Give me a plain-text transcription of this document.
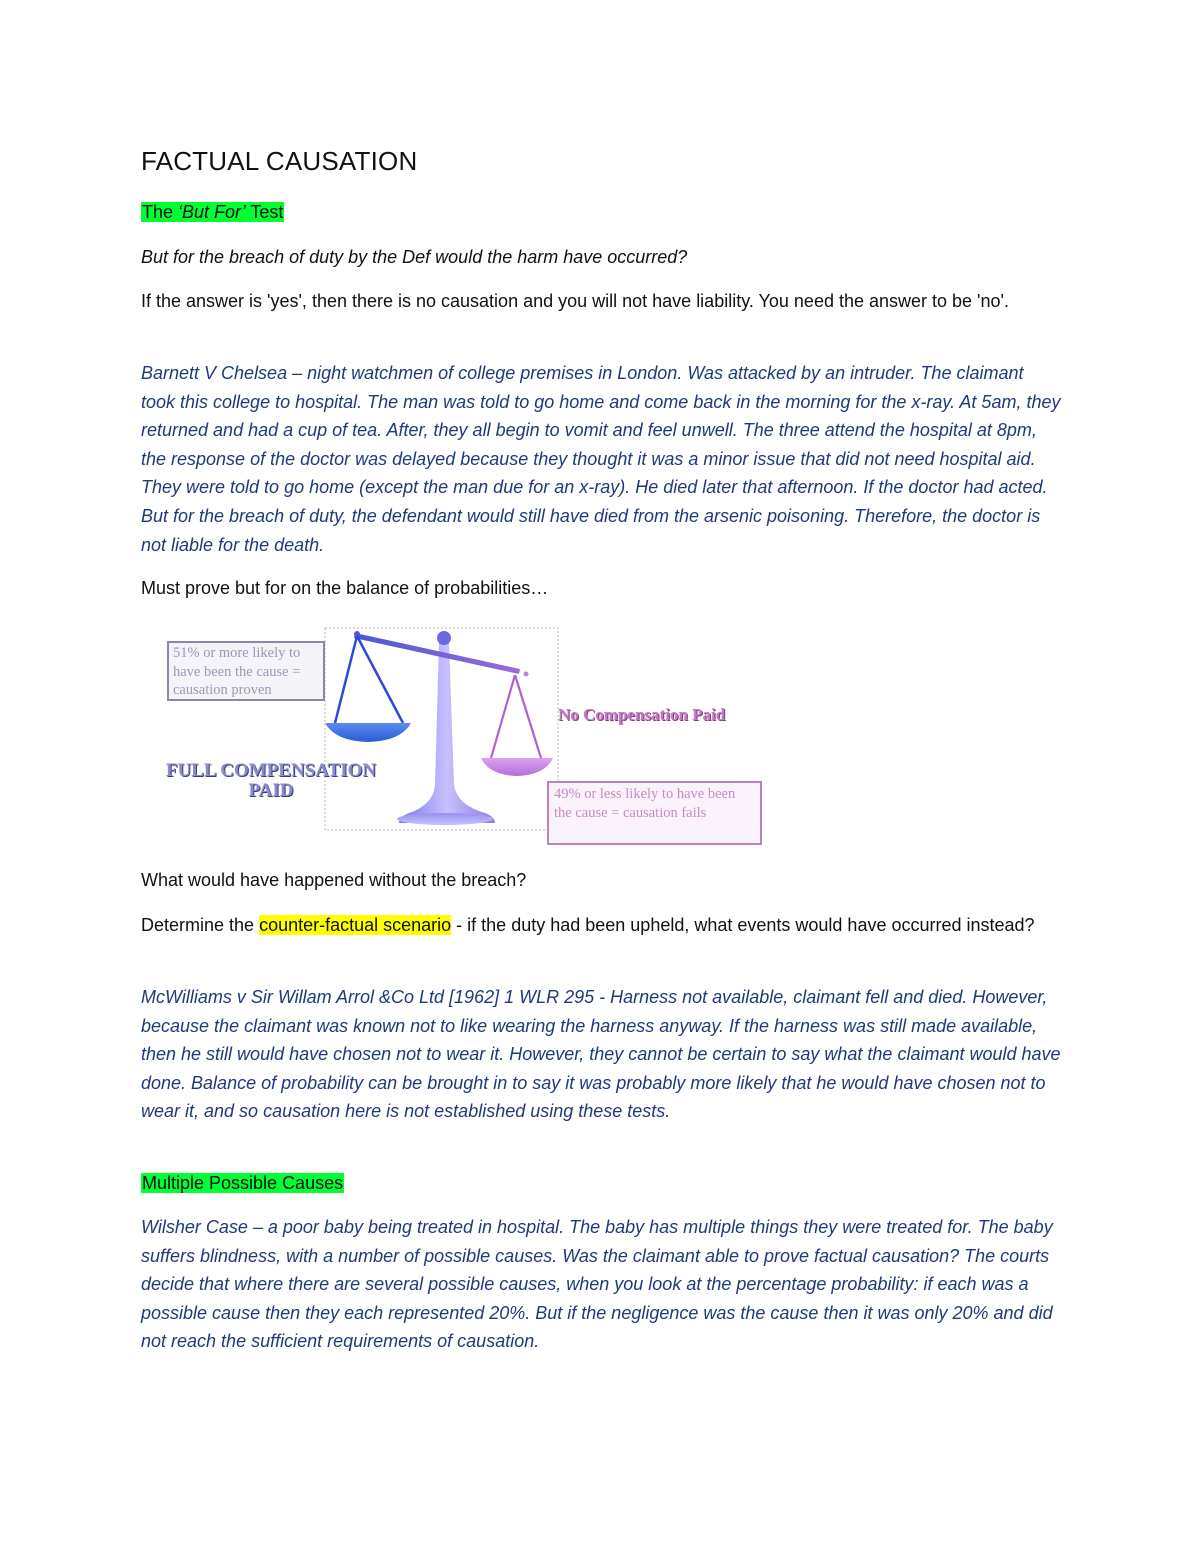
FACTUAL CAUSATION

The ‘But For’ Test

But for the breach of duty by the Def would the harm have occurred?

If the answer is 'yes', then there is no causation and you will not have liability. You need the answer to be 'no'.

Barnett V Chelsea – night watchmen of college premises in London. Was attacked by an intruder. The claimant took this college to hospital. The man was told to go home and come back in the morning for the x-ray. At 5am, they returned and had a cup of tea. After, they all begin to vomit and feel unwell. The three attend the hospital at 8pm, the response of the doctor was delayed because they thought it was a minor issue that did not need hospital aid. They were told to go home (except the man due for an x-ray). He died later that afternoon. If the doctor had acted. But for the breach of duty, the defendant would still have died from the arsenic poisoning. Therefore, the doctor is not liable for the death.

Must prove but for on the balance of probabilities…

51% or more likely to have been the cause = causation proven
No Compensation Paid
FULL COMPENSATION PAID	49% or less likely to have been the cause = causation fails

What would have happened without the breach?

Determine the counter-factual scenario - if the duty had been upheld, what events would have occurred instead?

McWilliams v Sir Willam Arrol &Co Ltd [1962] 1 WLR 295 - Harness not available, claimant fell and died. However, because the claimant was known not to like wearing the harness anyway. If the harness was still made available, then he still would have chosen not to wear it. However, they cannot be certain to say what the claimant would have done. Balance of probability can be brought in to say it was probably more likely that he would have chosen not to wear it, and so causation here is not established using these tests.

Multiple Possible Causes

Wilsher Case – a poor baby being treated in hospital. The baby has multiple things they were treated for. The baby suffers blindness, with a number of possible causes. Was the claimant able to prove factual causation? The courts decide that where there are several possible causes, when you look at the percentage probability: if each was a possible cause then they each represented 20%. But if the negligence was the cause then it was only 20% and did not reach the sufficient requirements of causation.
